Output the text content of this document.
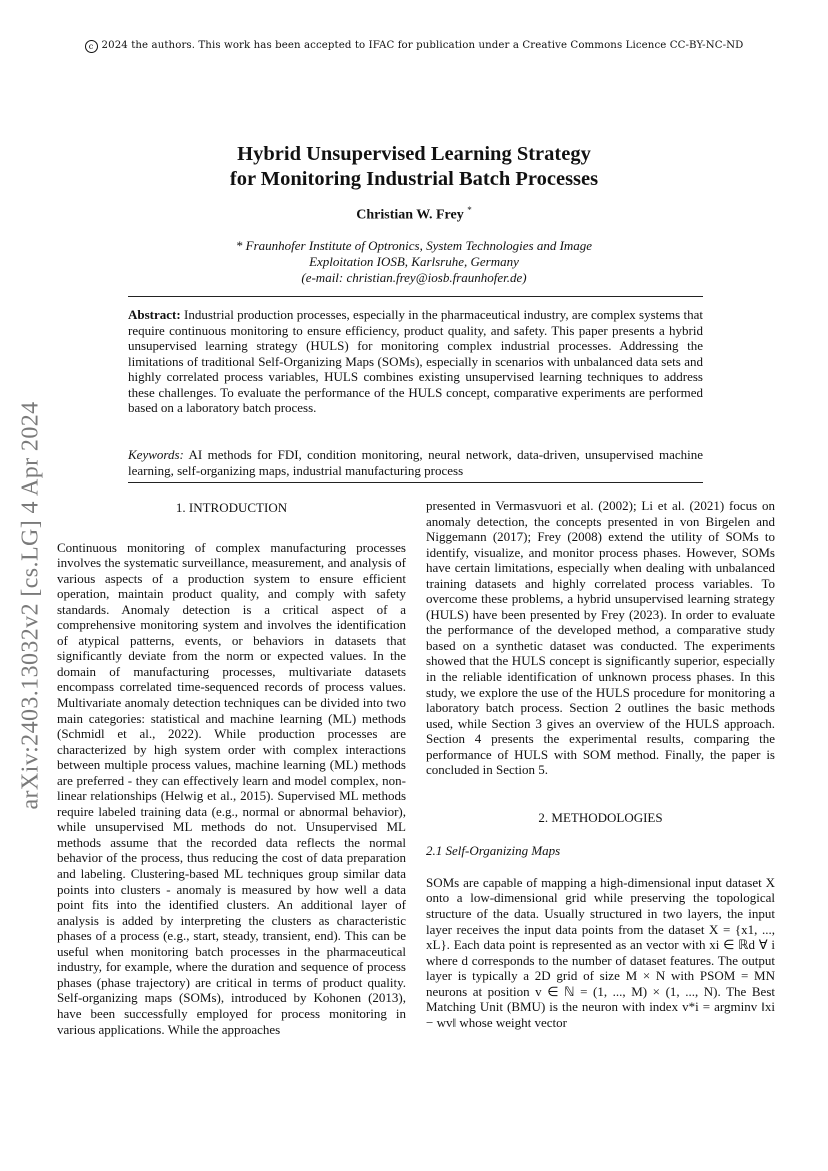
c 2024 the authors. This work has been accepted to IFAC for publication under a Creative Commons Licence CC-BY-NC-ND
arXiv:2403.13032v2 [cs.LG] 4 Apr 2024
Hybrid Unsupervised Learning Strategy
for Monitoring Industrial Batch Processes
Christian W. Frey *
* Fraunhofer Institute of Optronics, System Technologies and Image
Exploitation IOSB, Karlsruhe, Germany
(e-mail: christian.frey@iosb.fraunhofer.de)
Abstract: Industrial production processes, especially in the pharmaceutical industry, are complex systems that require continuous monitoring to ensure efficiency, product quality, and safety. This paper presents a hybrid unsupervised learning strategy (HULS) for monitoring complex industrial processes. Addressing the limitations of traditional Self-Organizing Maps (SOMs), especially in scenarios with unbalanced data sets and highly correlated process variables, HULS combines existing unsupervised learning techniques to address these challenges. To evaluate the performance of the HULS concept, comparative experiments are performed based on a laboratory batch process.
Keywords: AI methods for FDI, condition monitoring, neural network, data-driven, unsupervised machine learning, self-organizing maps, industrial manufacturing process
1. INTRODUCTION

Continuous monitoring of complex manufacturing processes involves the systematic surveillance, measurement, and analysis of various aspects of a production system to ensure efficient operation, maintain product quality, and comply with safety standards. Anomaly detection is a critical aspect of a comprehensive monitoring system and involves the identification of atypical patterns, events, or behaviors in datasets that significantly deviate from the norm or expected values. In the domain of manufacturing processes, multivariate datasets encompass correlated time-sequenced records of process values. Multivariate anomaly detection techniques can be divided into two main categories: statistical and machine learning (ML) methods (Schmidl et al., 2022). While production processes are characterized by high system order with complex interactions between multiple process values, machine learning (ML) methods are preferred - they can effectively learn and model complex, non-linear relationships (Helwig et al., 2015). Supervised ML methods require labeled training data (e.g., normal or abnormal behavior), while unsupervised ML methods do not. Unsupervised ML methods assume that the recorded data reflects the normal behavior of the process, thus reducing the cost of data preparation and labeling. Clustering-based ML techniques group similar data points into clusters - anomaly is measured by how well a data point fits into the identified clusters. An additional layer of analysis is added by interpreting the clusters as characteristic phases of a process (e.g., start, steady, transient, end). This can be useful when monitoring batch processes in the pharmaceutical industry, for example, where the duration and sequence of process phases (phase trajectory) are critical in terms of product quality. Self-organizing maps (SOMs), introduced by Kohonen (2013), have been successfully employed for process monitoring in various applications. While the approaches

presented in Vermasvuori et al. (2002); Li et al. (2021) focus on anomaly detection, the concepts presented in von Birgelen and Niggemann (2017); Frey (2008) extend the utility of SOMs to identify, visualize, and monitor process phases. However, SOMs have certain limitations, especially when dealing with unbalanced training datasets and highly correlated process variables. To overcome these problems, a hybrid unsupervised learning strategy (HULS) have been presented by Frey (2023). In order to evaluate the performance of the developed method, a comparative study based on a synthetic dataset was conducted. The experiments showed that the HULS concept is significantly superior, especially in the reliable identification of unknown process phases. In this study, we explore the use of the HULS procedure for monitoring a laboratory batch process. Section 2 outlines the basic methods used, while Section 3 gives an overview of the HULS approach. Section 4 presents the experimental results, comparing the performance of HULS with SOM method. Finally, the paper is concluded in Section 5.

2. METHODOLOGIES
2.1 Self-Organizing Maps

SOMs are capable of mapping a high-dimensional input dataset X onto a low-dimensional grid while preserving the topological structure of the data. Usually structured in two layers, the input layer receives the input data points from the dataset X = {x1, ..., xL}. Each data point is represented as an vector with xi ∈ ℝd ∀ i where d corresponds to the number of dataset features. The output layer is typically a 2D grid of size M × N with PSOM = MN neurons at position v ∈ ℕ = (1, ..., M) × (1, ..., N). The Best Matching Unit (BMU) is the neuron with index v*i = argminv ‖xi − wv‖ whose weight vector
